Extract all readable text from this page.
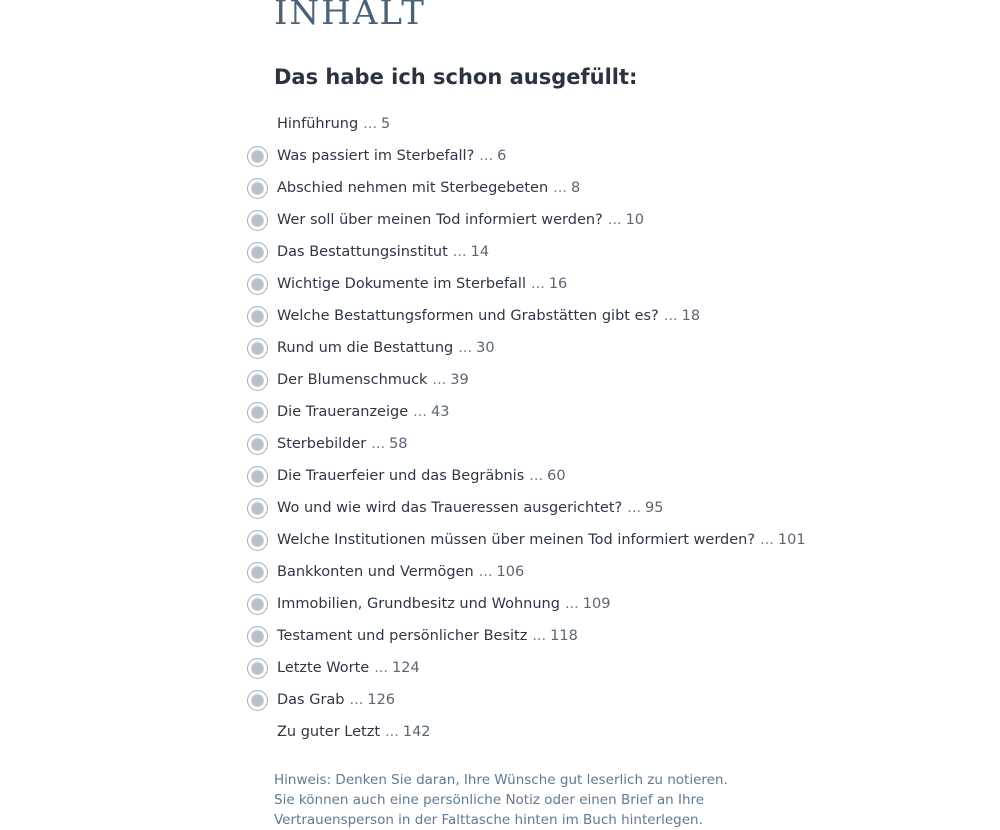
INHALT
Das habe ich schon ausgefüllt:
Hinführung ... 5
Was passiert im Sterbefall? ... 6
Abschied nehmen mit Sterbegebeten ... 8
Wer soll über meinen Tod informiert werden? ... 10
Das Bestattungsinstitut ... 14
Wichtige Dokumente im Sterbefall ... 16
Welche Bestattungsformen und Grabstätten gibt es? ... 18
Rund um die Bestattung ... 30
Der Blumenschmuck ... 39
Die Traueranzeige ... 43
Sterbebilder ... 58
Die Trauerfeier und das Begräbnis ... 60
Wo und wie wird das Traueressen ausgerichtet? ... 95
Welche Institutionen müssen über meinen Tod informiert werden? ... 101
Bankkonten und Vermögen ... 106
Immobilien, Grundbesitz und Wohnung ... 109
Testament und persönlicher Besitz ... 118
Letzte Worte ... 124
Das Grab ... 126
Zu guter Letzt ... 142
Hinweis: Denken Sie daran, Ihre Wünsche gut leserlich zu notieren.
Sie können auch eine persönliche Notiz oder einen Brief an Ihre
Vertrauensperson in der Falttasche hinten im Buch hinterlegen.
